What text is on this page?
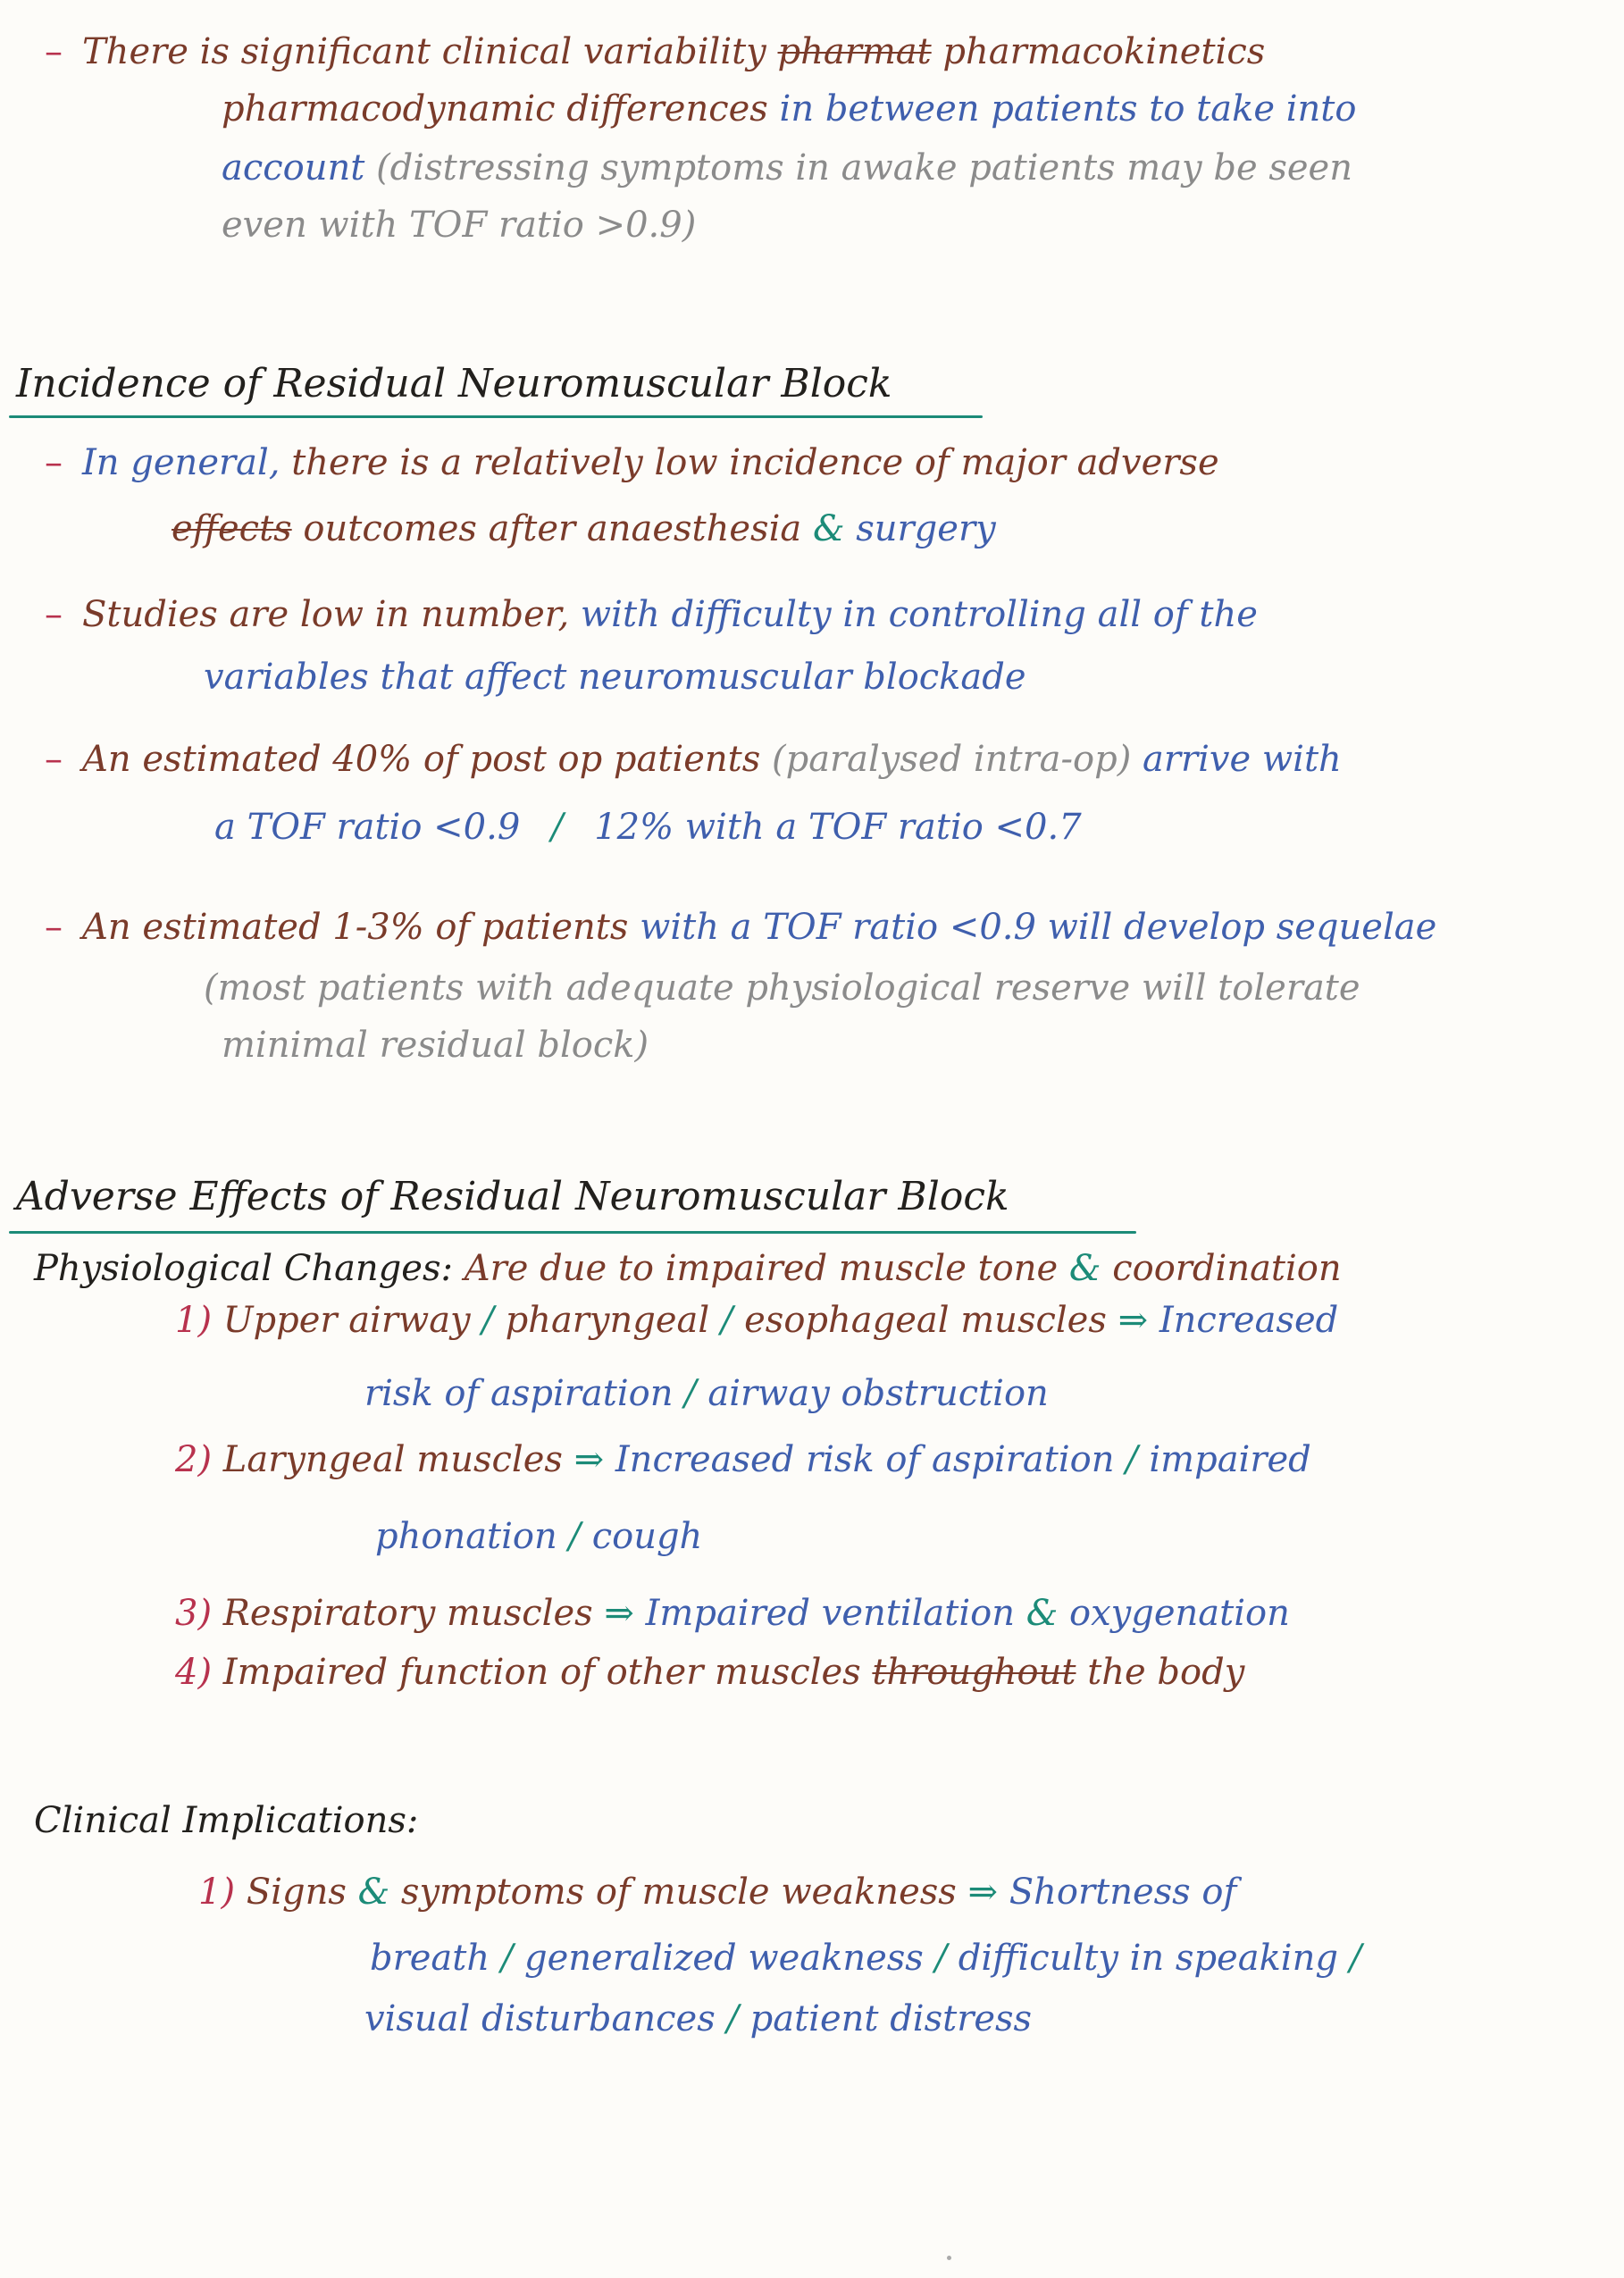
– There is significant clinical variability pharmat pharmacokinetics
pharmacodynamic differences in between patients to take into
account (distressing symptoms in awake patients may be seen
even with TOF ratio >0.9)
Incidence of Residual Neuromuscular Block
– In general, there is a relatively low incidence of major adverse
effects outcomes after anaesthesia & surgery
– Studies are low in number, with difficulty in controlling all of the
variables that affect neuromuscular blockade
– An estimated 40% of post op patients (paralysed intra-op) arrive with
a TOF ratio <0.9 / 12% with a TOF ratio <0.7
– An estimated 1-3% of patients with a TOF ratio <0.9 will develop sequelae
(most patients with adequate physiological reserve will tolerate
minimal residual block)
Adverse Effects of Residual Neuromuscular Block
Physiological Changes: Are due to impaired muscle tone & coordination
1) Upper airway / pharyngeal / esophageal muscles ⇒ Increased
risk of aspiration / airway obstruction
2) Laryngeal muscles ⇒ Increased risk of aspiration / impaired
phonation / cough
3) Respiratory muscles ⇒ Impaired ventilation & oxygenation
4) Impaired function of other muscles throughout the body
Clinical Implications:
1) Signs & symptoms of muscle weakness ⇒ Shortness of
breath / generalized weakness / difficulty in speaking /
visual disturbances / patient distress
